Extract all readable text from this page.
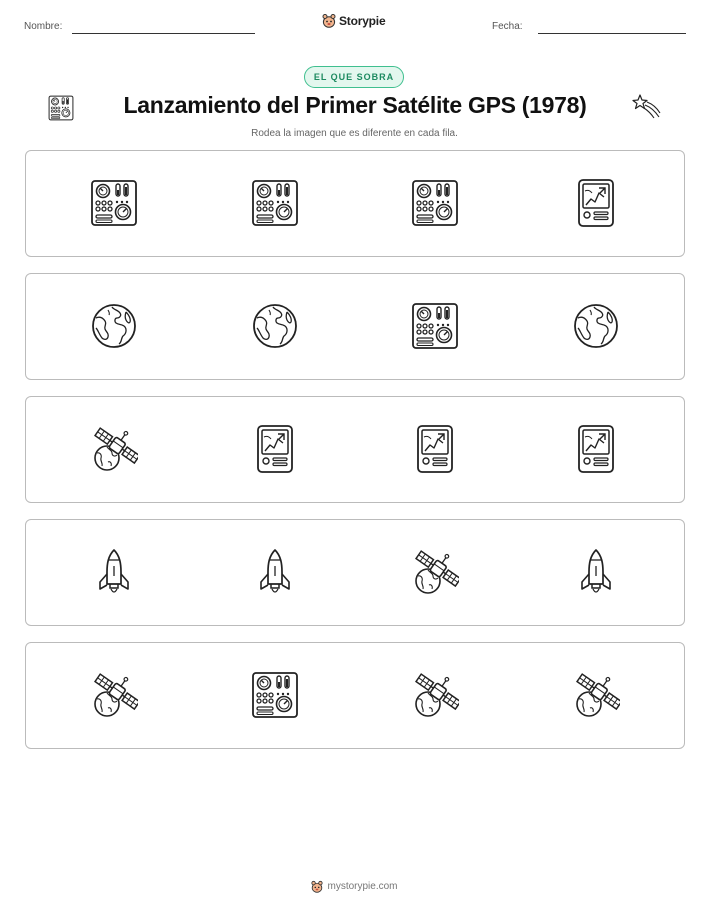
Nombre:	Storypie	Fecha:
EL QUE SOBRA
Lanzamiento del Primer Satélite GPS (1978)
Rodea la imagen que es diferente en cada fila.
mystorypie.com
